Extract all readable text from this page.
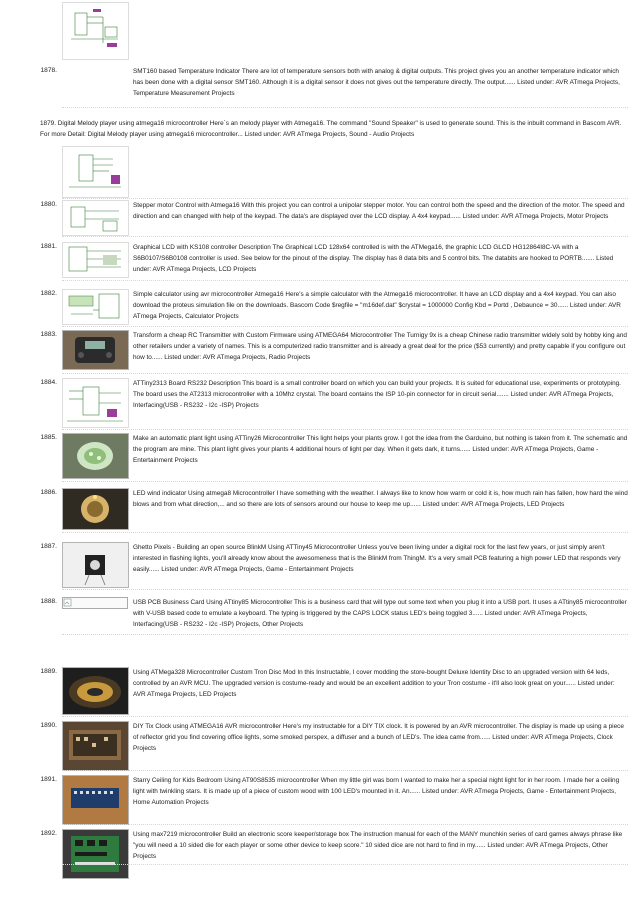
1878.	SMT160 based Temperature Indicator There are lot of temperature sensors both with analog & digital outputs. This project gives you an another temperature indicator which has been done with a digital sensor SMT160. Although it is a digital sensor it does not gives out the temperature directly. The output...... Listed under: AVR ATmega Projects, Temperature Measurement Projects
1879. Digital Melody player using atmega16 microcontroller Here`s an melody player with Atmega16. The command "Sound Speaker" is used to generate sound. This is the inbuilt command in Bascom AVR. For more Detail: Digital Melody player using atmega16 microcontroller... Listed under: AVR ATmega Projects, Sound - Audio Projects
1880.	Stepper motor Control with Atmega16 With this project you can control a unipolar stepper motor. You can control both the speed and the direction of the motor. The speed and direction and can changed with help of the keypad. The data's are displayed over the LCD display. A 4x4 keypad...... Listed under: AVR ATmega Projects, Motor Projects
1881.	Graphical LCD with KS108 controller Description The Graphical LCD 128x64 controlled is with the ATMega16, the graphic LCD GLCD HG12864I8C-VA with a S6B0107/S6B0108 controller is used. See below for the pinout of the display. The display has 8 data bits and 5 control bits. The databits are hooked to PORTB....... Listed under: AVR ATmega Projects, LCD Projects
1882.	Simple calculator using avr microcontroller Atmega16 Here's a simple calculator with the Atmega16 microcontroller. It have an LCD display and a 4x4 keypad. You can also download the proteus simulation file on the downloads. Bascom Code $regfile = "m16def.dat" $crystal = 1000000 Config Kbd = Portd , Debaunce = 30...... Listed under: AVR ATmega Projects, Calculator Projects
1883.	Transform a cheap RC Transmitter with Custom Firmware using ATMEGA64 Microcontroller The Turnigy 9x is a cheap Chinese radio transmitter widely sold by hobby king and other retailers under a variety of names. This is a computerized radio transmitter and is already a great deal for the price ($53 currently) and pretty capable if you configure out how to...... Listed under: AVR ATmega Projects, Radio Projects
1884.	ATTiny2313 Board RS232 Description This board is a small controller board on which you can build your projects. It is suited for educational use, experiments or prototyping. The board uses the AT2313 microcontroller with a 10Mhz crystal. The board contains the ISP 10-pin connector for in circuit serial....... Listed under: AVR ATmega Projects, Interfacing(USB - RS232 - I2c -ISP) Projects
1885.	Make an automatic plant light using ATTiny26 Microcontroller This light helps your plants grow. I got the idea from the Garduino, but nothing is taken from it. The schematic and the program are mine. This plant light gives your plants 4 additional hours of light per day. When it gets dark, it turns...... Listed under: AVR ATmega Projects, Game - Entertainment Projects
1886.	LED wind indicator Using atmega8 Microcontroller I have something with the weather. I always like to know how warm or cold it is, how much rain has fallen, how hard the wind blows and from what direction,... and so there are lots of sensors around our house to keep me up...... Listed under: AVR ATmega Projects, LED Projects
1887.	Ghetto Pixels - Building an open source BlinkM Using ATTiny45 Microcontroller Unless you've been living under a digital rock for the last few years, or just simply aren't interested in flashing lights, you'll already know about the awesomeness that is the BlinkM from ThingM. It's a very small PCB featuring a high power LED that responds very easily...... Listed under: AVR ATmega Projects, Game - Entertainment Projects
1888.	USB PCB Business Card Using ATtiny85 Microcontroller This is a business card that will type out some text when you plug it into a USB port. It uses a ATtiny85 microcontroller with V-USB based code to emulate a keyboard. The typing is triggered by the CAPS LOCK status LED's being toggled 3...... Listed under: AVR ATmega Projects, Interfacing(USB - RS232 - I2c -ISP) Projects, Other Projects
1889.	Using ATMega328 Microcontroller Custom Tron Disc Mod In this Instructable, I cover modding the store-bought Deluxe Identity Disc to an upgraded version with 64 leds, controlled by an AVR MCU. The upgraded version is costume-ready and would be an excellent addition to your Tron costume - it'll also look great on your...... Listed under: AVR ATmega Projects, LED Projects
1890.	DIY Tix Clock using ATMEGA16 AVR microcontroller Here's my instructable for a DIY TIX clock. It is powered by an AVR microcontroller. The display is made up using a piece of reflector grid you find covering office lights, some smoked perspex, a diffuser and a bunch of LED's. The idea came from...... Listed under: AVR ATmega Projects, Clock Projects
1891.	Starry Ceiling for Kids Bedroom Using AT90S8535 microcontroller When my little girl was born I wanted to make her a special night light for in her room. I made her a ceiling light with twinkling stars. It is made up of a piece of custom wood with 100 LED's mounted in it. An...... Listed under: AVR ATmega Projects, Game - Entertainment Projects, Home Automation Projects
1892.	Using max7219 microcontroller Build an electronic score keeper/storage box The instruction manual for each of the MANY munchkin series of card games always phrase like "you will need a 10 sided die for each player or some other device to keep score." 10 sided dice are not hard to find in my...... Listed under: AVR ATmega Projects, Other Projects
